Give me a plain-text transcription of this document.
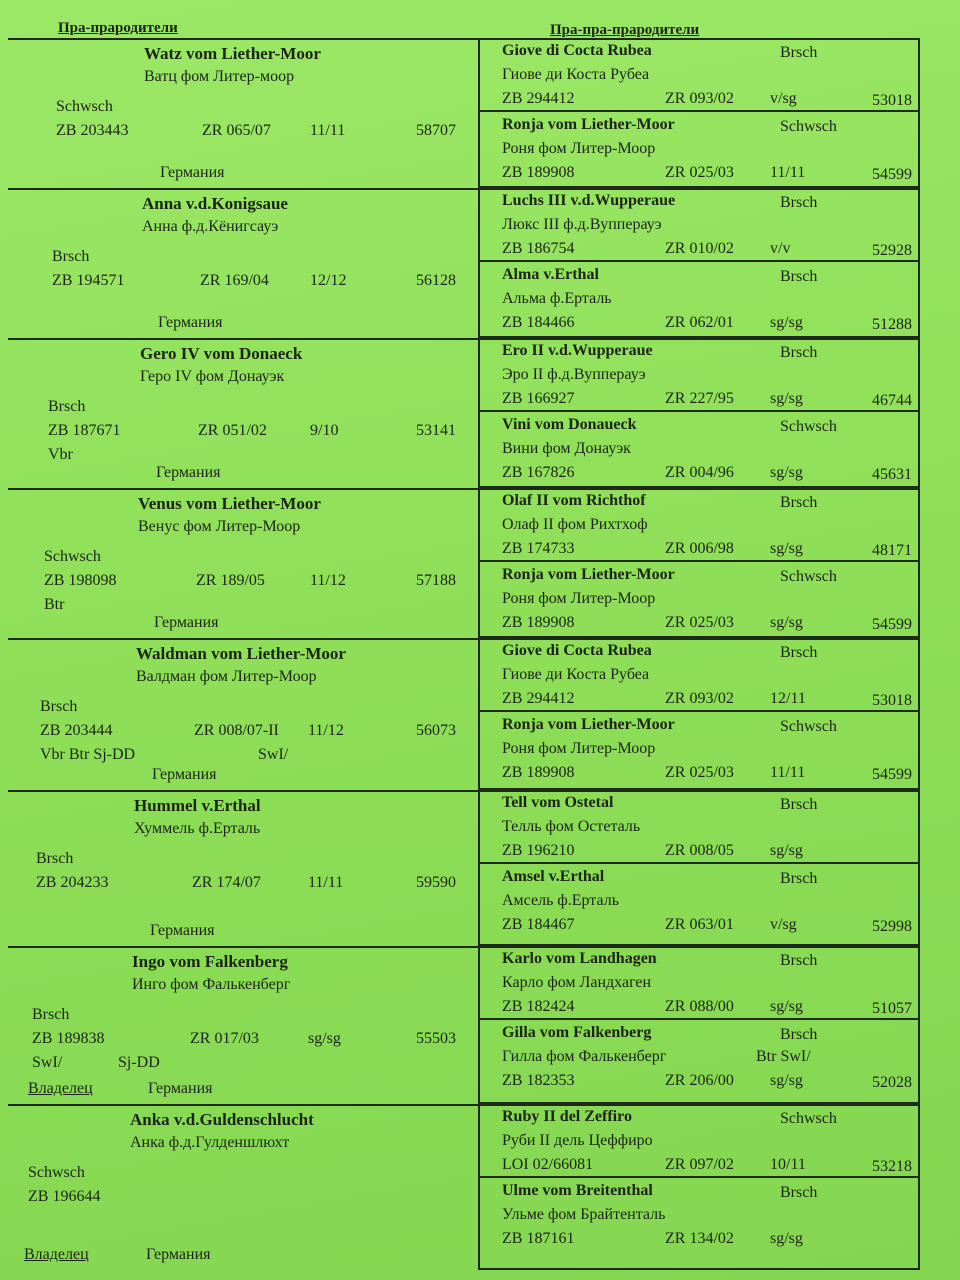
Пра-прародители	Пра-пра-прародители
Watz vom Liether-Moor
Ватц фом Литер-моор
Schwsch
ZB 203443	ZR 065/07 11/11	58707
Германия
Anna v.d.Konigsaue
Анна ф.д.Кёнигсауэ
Brsch
ZB 194571	ZR 169/04	12/12	56128
Германия
Gero IV vom Donaeck
Геро IV фом Донауэк
Brsch
ZB 187671	ZR 051/02	9/10	53141
Vbr
Германия
Venus vom Liether-Moor
Венус фом Литер-Моор
Schwsch
ZB 198098	ZR 189/05	11/12	57188
Btr
Германия
Waldman vom Liether-Moor
Валдман фом Литер-Моор
Brsch
ZB 203444	ZR 008/07-II 11/12	56073
Vbr Btr Sj-DD	SwI/
Германия
Hummel v.Erthal
Хуммель ф.Ерталь
Brsch
ZB 204233	ZR 174/07	11/11	59590
Германия
Ingo vom Falkenberg
Инго фом Фалькенберг
Brsch
ZB 189838	ZR 017/03	sg/sg	55503
SwI/	Sj-DD
Владелец	Германия
Anka v.d.Guldenschlucht
Анка ф.д.Гулденшлюхт
Schwsch
ZB 196644
Владелец	Германия
Giove di Cocta Rubea	Brsch
Гиове ди Коста Рубеа
ZB 294412	ZR 093/02 v/sg	53018
Ronja vom Liether-Moor	Schwsch
Роня фом Литер-Моор
ZB 189908	ZR 025/03 11/11	54599
Luchs III v.d.Wupperaue	Brsch
Люкс III ф.д.Вупперауэ
ZB 186754	ZR 010/02 v/v	52928
Alma v.Erthal	Brsch
Альма ф.Ерталь
ZB 184466	ZR 062/01 sg/sg	51288
Ero II v.d.Wupperaue	Brsch
Эро II ф.д.Вупперауэ
ZB 166927	ZR 227/95 sg/sg	46744
Vini vom Donaueck	Schwsch
Вини фом Донауэк
ZB 167826	ZR 004/96 sg/sg	45631
Olaf II vom Richthof	Brsch
Олаф II фом Рихтхоф
ZB 174733	ZR 006/98 sg/sg	48171
Ronja vom Liether-Moor	Schwsch
Роня фом Литер-Моор
ZB 189908	ZR 025/03 sg/sg	54599
Giove di Cocta Rubea	Brsch
Гиове ди Коста Рубеа
ZB 294412	ZR 093/02 12/11	53018
Ronja vom Liether-Moor	Schwsch
Роня фом Литер-Моор
ZB 189908	ZR 025/03 11/11	54599
Tell vom Ostetal	Brsch
Телль фом Остеталь
ZB 196210	ZR 008/05 sg/sg
Amsel v.Erthal	Brsch
Амсель ф.Ерталь
ZB 184467	ZR 063/01 v/sg	52998
Karlo vom Landhagen	Brsch
Карло фом Ландхаген
ZB 182424	ZR 088/00 sg/sg	51057
Gilla vom Falkenberg	Brsch
Гилла фом Фалькенберг	Btr SwI/
ZB 182353	ZR 206/00 sg/sg	52028
Ruby II del Zeffiro	Schwsch
Руби II дель Цеффиро
LOI 02/66081	ZR 097/02 10/11	53218
Ulme vom Breitenthal	Brsch
Ульме фом Брайтенталь
ZB 187161	ZR 134/02 sg/sg
